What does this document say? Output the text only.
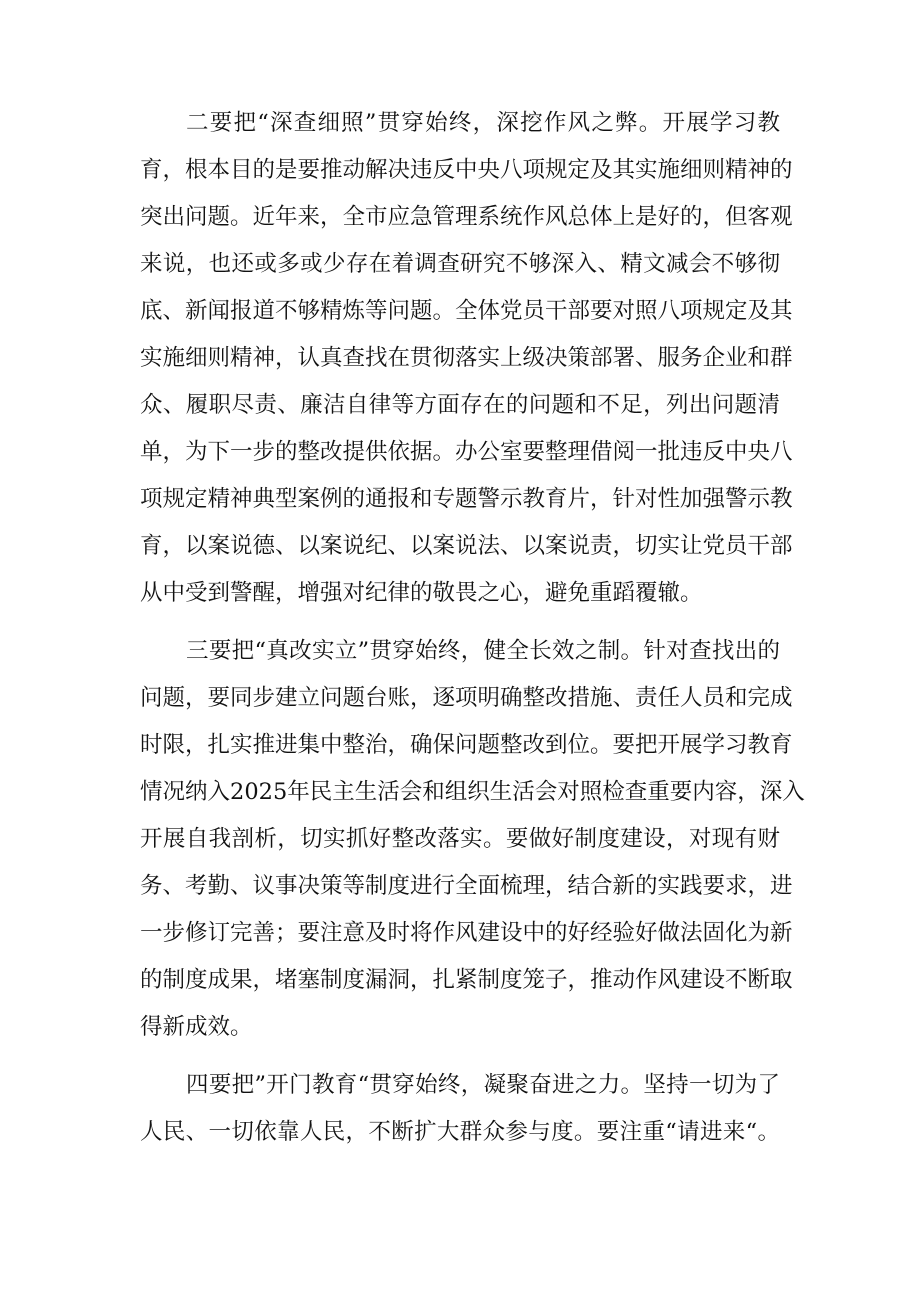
二要把“深查细照”贯穿始终，深挖作风之弊。开展学习教
育，根本目的是要推动解决违反中央八项规定及其实施细则精神的
突出问题。近年来，全市应急管理系统作风总体上是好的，但客观
来说，也还或多或少存在着调查研究不够深入、精文减会不够彻
底、新闻报道不够精炼等问题。全体党员干部要对照八项规定及其
实施细则精神，认真查找在贯彻落实上级决策部署、服务企业和群
众、履职尽责、廉洁自律等方面存在的问题和不足，列出问题清
单，为下一步的整改提供依据。办公室要整理借阅一批违反中央八
项规定精神典型案例的通报和专题警示教育片，针对性加强警示教
育，以案说德、以案说纪、以案说法、以案说责，切实让党员干部
从中受到警醒，增强对纪律的敬畏之心，避免重蹈覆辙。
三要把“真改实立”贯穿始终，健全长效之制。针对查找出的
问题，要同步建立问题台账，逐项明确整改措施、责任人员和完成
时限，扎实推进集中整治，确保问题整改到位。要把开展学习教育
情况纳入2025年民主生活会和组织生活会对照检查重要内容，深入
开展自我剖析，切实抓好整改落实。要做好制度建设，对现有财
务、考勤、议事决策等制度进行全面梳理，结合新的实践要求，进
一步修订完善；要注意及时将作风建设中的好经验好做法固化为新
的制度成果，堵塞制度漏洞，扎紧制度笼子，推动作风建设不断取
得新成效。
四要把”开门教育“贯穿始终，凝聚奋进之力。坚持一切为了
人民、一切依靠人民，不断扩大群众参与度。要注重“请进来“。
